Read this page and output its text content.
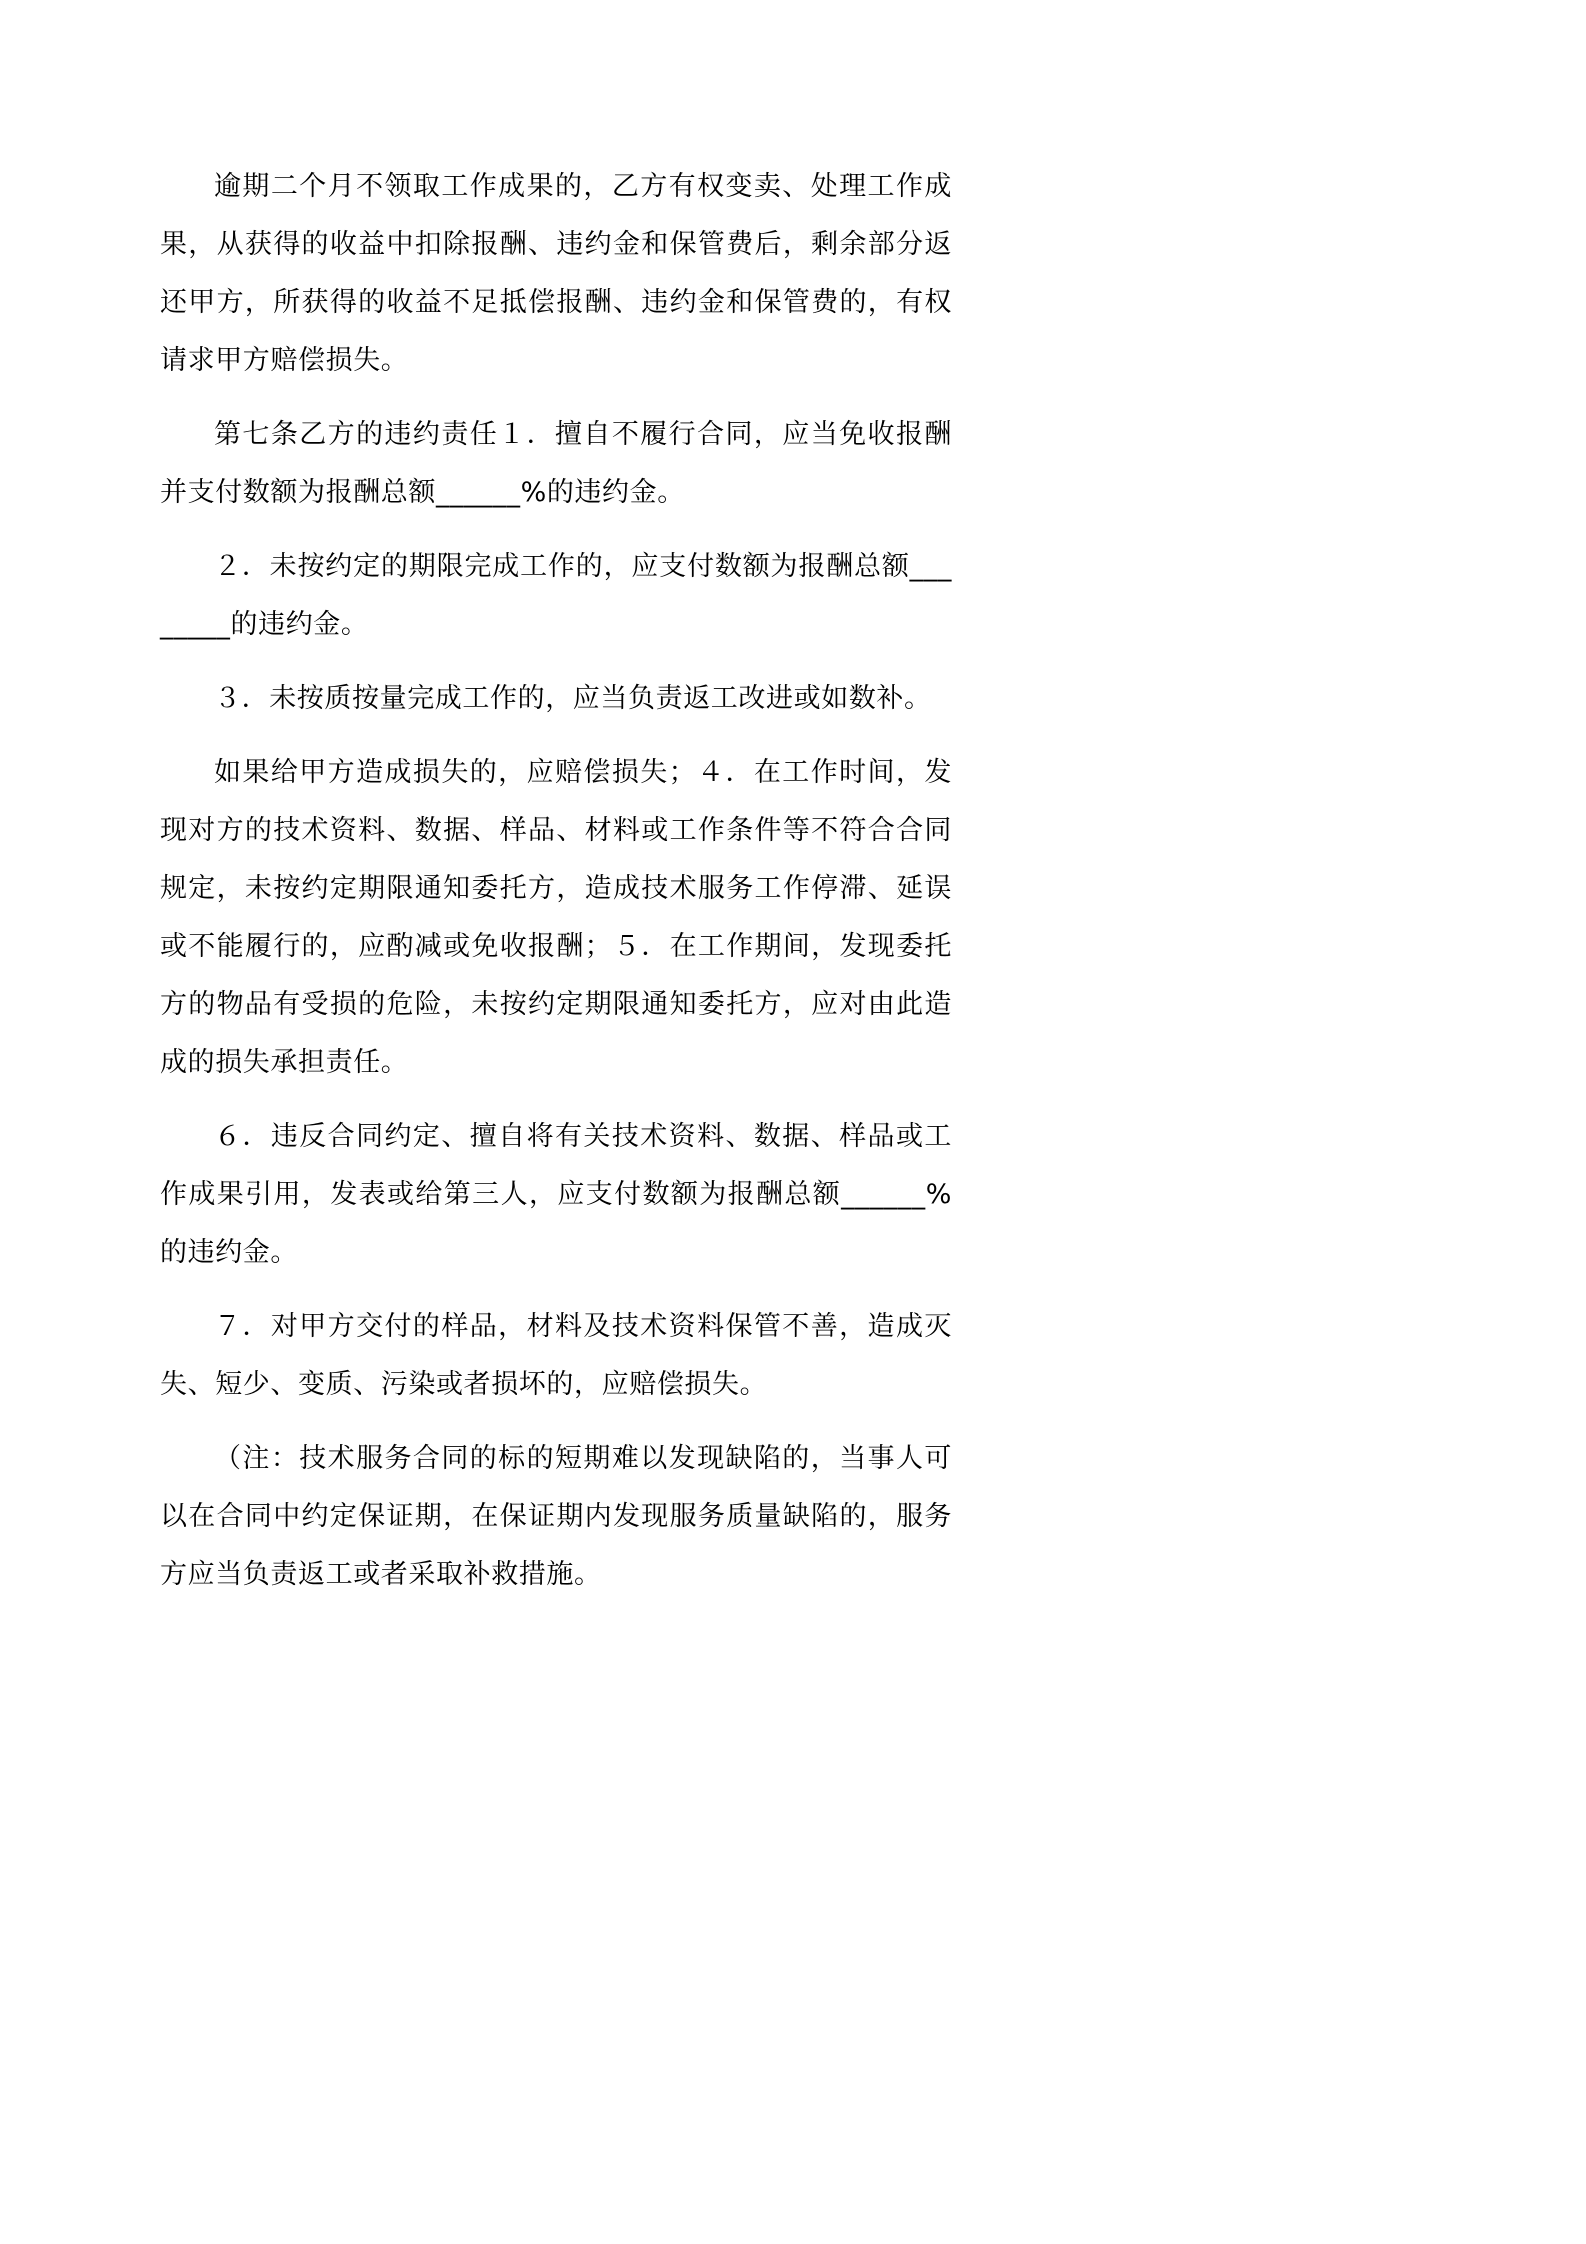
逾期二个月不领取工作成果的，乙方有权变卖、处理工作成果，从获得的收益中扣除报酬、违约金和保管费后，剩余部分返还甲方，所获得的收益不足抵偿报酬、违约金和保管费的，有权请求甲方赔偿损失。

第七条乙方的违约责任１．擅自不履行合同，应当免收报酬并支付数额为报酬总额______%的违约金。

２．未按约定的期限完成工作的，应支付数额为报酬总额________的违约金。

３．未按质按量完成工作的，应当负责返工改进或如数补。

如果给甲方造成损失的，应赔偿损失；４．在工作时间，发现对方的技术资料、数据、样品、材料或工作条件等不符合合同规定，未按约定期限通知委托方，造成技术服务工作停滞、延误或不能履行的，应酌减或免收报酬；５．在工作期间，发现委托方的物品有受损的危险，未按约定期限通知委托方，应对由此造成的损失承担责任。

６．违反合同约定、擅自将有关技术资料、数据、样品或工作成果引用，发表或给第三人，应支付数额为报酬总额______%的违约金。

７．对甲方交付的样品，材料及技术资料保管不善，造成灭失、短少、变质、污染或者损坏的，应赔偿损失。

（注：技术服务合同的标的短期难以发现缺陷的，当事人可以在合同中约定保证期，在保证期内发现服务质量缺陷的，服务方应当负责返工或者采取补救措施。
